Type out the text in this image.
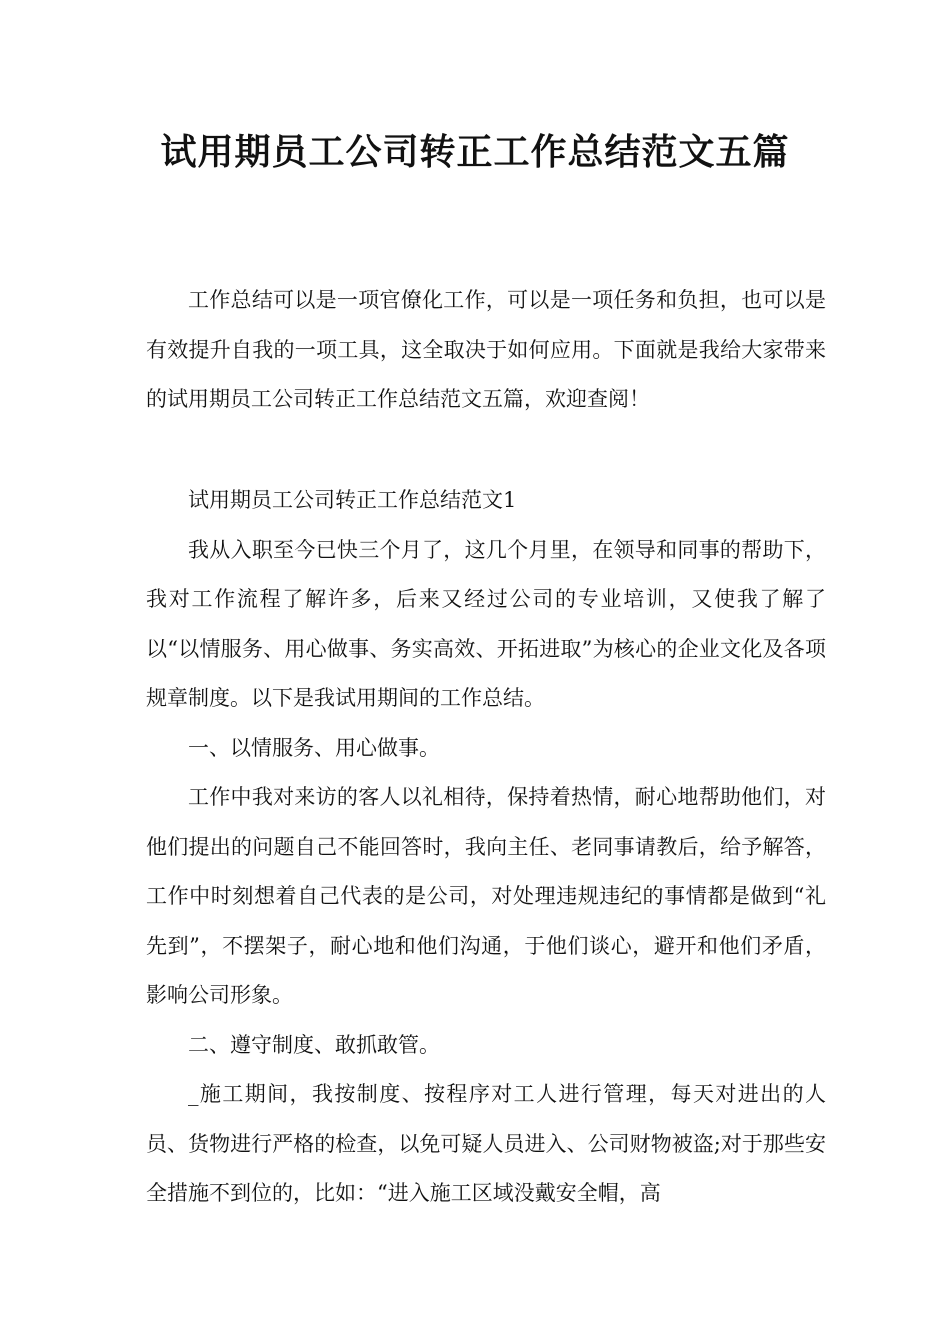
试用期员工公司转正工作总结范文五篇

工作总结可以是一项官僚化工作，可以是一项任务和负担，也可以是有效提升自我的一项工具，这全取决于如何应用。下面就是我给大家带来的试用期员工公司转正工作总结范文五篇，欢迎查阅！

试用期员工公司转正工作总结范文1

我从入职至今已快三个月了，这几个月里，在领导和同事的帮助下，我对工作流程了解许多，后来又经过公司的专业培训，又使我了解了以“以情服务、用心做事、务实高效、开拓进取”为核心的企业文化及各项规章制度。以下是我试用期间的工作总结。

一、以情服务、用心做事。

工作中我对来访的客人以礼相待，保持着热情，耐心地帮助他们，对他们提出的问题自己不能回答时，我向主任、老同事请教后，给予解答，工作中时刻想着自己代表的是公司，对处理违规违纪的事情都是做到“礼先到”，不摆架子，耐心地和他们沟通，于他们谈心，避开和他们矛盾，影响公司形象。

二、遵守制度、敢抓敢管。

_施工期间，我按制度、按程序对工人进行管理，每天对进出的人员、货物进行严格的检查，以免可疑人员进入、公司财物被盗;对于那些安全措施不到位的，比如：“进入施工区域没戴安全帽，高
